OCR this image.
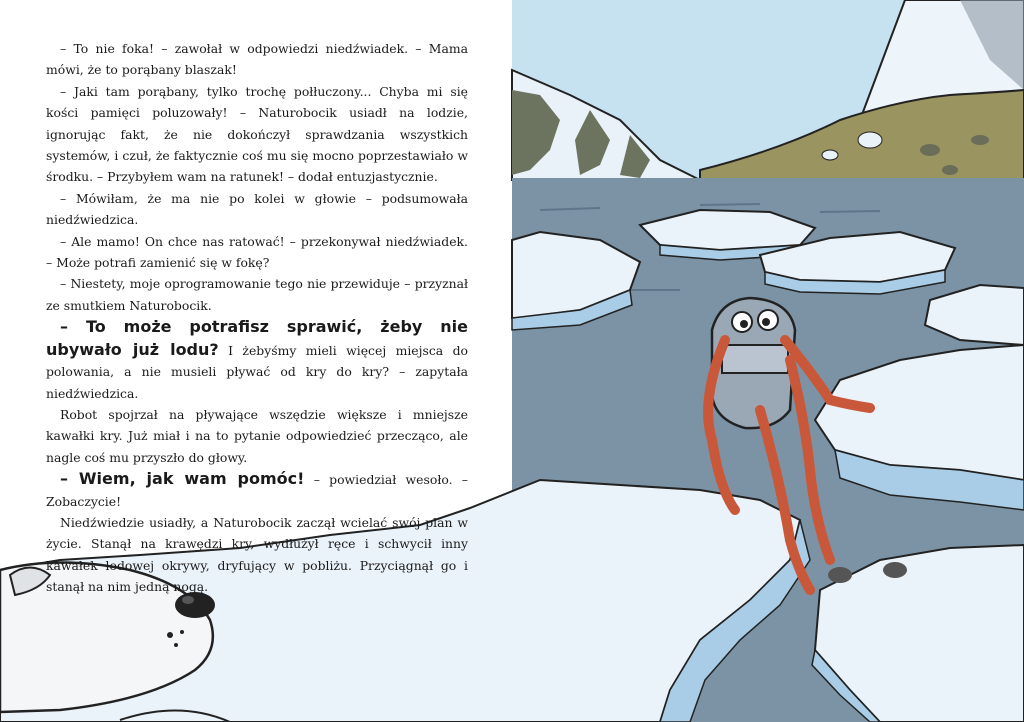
– To nie foka! – zawołał w odpowiedzi niedźwiadek. – Mama mówi, że to porąbany blaszak!

– Jaki tam porąbany, tylko trochę połłuczony... Chyba mi się kości pamięci poluzowały! – Naturobocik usiadł na lodzie, ignorując fakt, że nie dokończył sprawdzania wszystkich systemów, i czuł, że faktycznie coś mu się mocno poprzestawiało w środku. – Przybyłem wam na ratunek! – dodał entuzjastycznie.

– Mówiłam, że ma nie po kolei w głowie – podsumowała niedźwiedzica.

– Ale mamo! On chce nas ratować! – przekonywał niedźwiadek. – Może potrafi zamienić się w fokę?

– Niestety, moje oprogramowanie tego nie przewiduje – przyznał ze smutkiem Naturobocik.

– To może potrafisz sprawić, żeby nie ubywało już lodu? I żebyśmy mieli więcej miejsca do polowania, a nie musieli pływać od kry do kry? – zapytała niedźwiedzica.

Robot spojrzał na pływające wszędzie większe i mniejsze kawałki kry. Już miał i na to pytanie odpowiedzieć przecząco, ale nagle coś mu przyszło do głowy.

– Wiem, jak wam pomóc! – powiedział wesoło. – Zobaczycie!

Niedźwiedzie usiadły, a Naturobocik zaczął wcielać swój plan w życie. Stanął na krawędzi kry, wydłużył ręce i schwycił inny kawałek lodowej okrywy, dryfujący w pobliżu. Przyciągnął go i stanął na nim jedną nogą.
